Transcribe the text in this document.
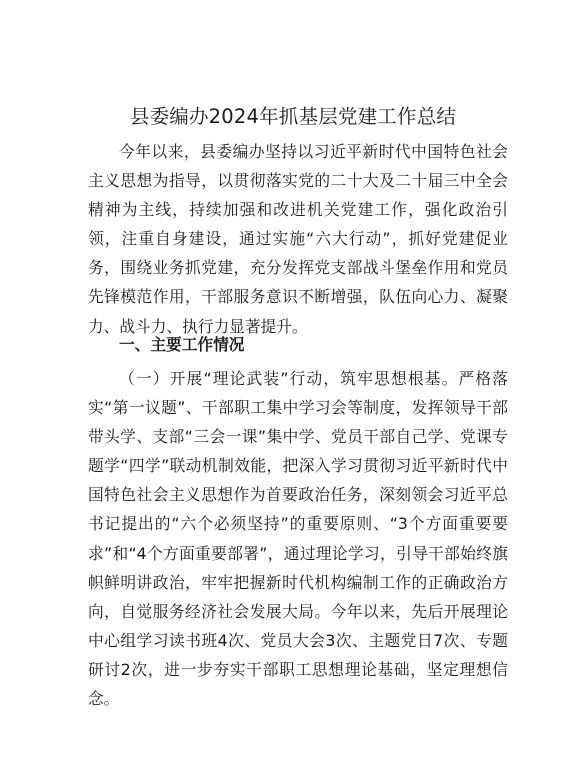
县委编办2024年抓基层党建工作总结

今年以来，县委编办坚持以习近平新时代中国特色社会主义思想为指导，以贯彻落实党的二十大及二十届三中全会精神为主线，持续加强和改进机关党建工作，强化政治引领，注重自身建设，通过实施“六大行动”，抓好党建促业务，围绕业务抓党建，充分发挥党支部战斗堡垒作用和党员先锋模范作用，干部服务意识不断增强，队伍向心力、凝聚力、战斗力、执行力显著提升。

一、主要工作情况

（一）开展“理论武装”行动，筑牢思想根基。严格落实“第一议题”、干部职工集中学习会等制度，发挥领导干部带头学、支部“三会一课”集中学、党员干部自己学、党课专题学“四学”联动机制效能，把深入学习贯彻习近平新时代中国特色社会主义思想作为首要政治任务，深刻领会习近平总书记提出的“六个必须坚持”的重要原则、“3个方面重要要求”和“4个方面重要部署”，通过理论学习，引导干部始终旗帜鲜明讲政治，牢牢把握新时代机构编制工作的正确政治方向，自觉服务经济社会发展大局。今年以来，先后开展理论中心组学习读书班4次、党员大会3次、主题党日7次、专题研讨2次，进一步夯实干部职工思想理论基础，坚定理想信念。
